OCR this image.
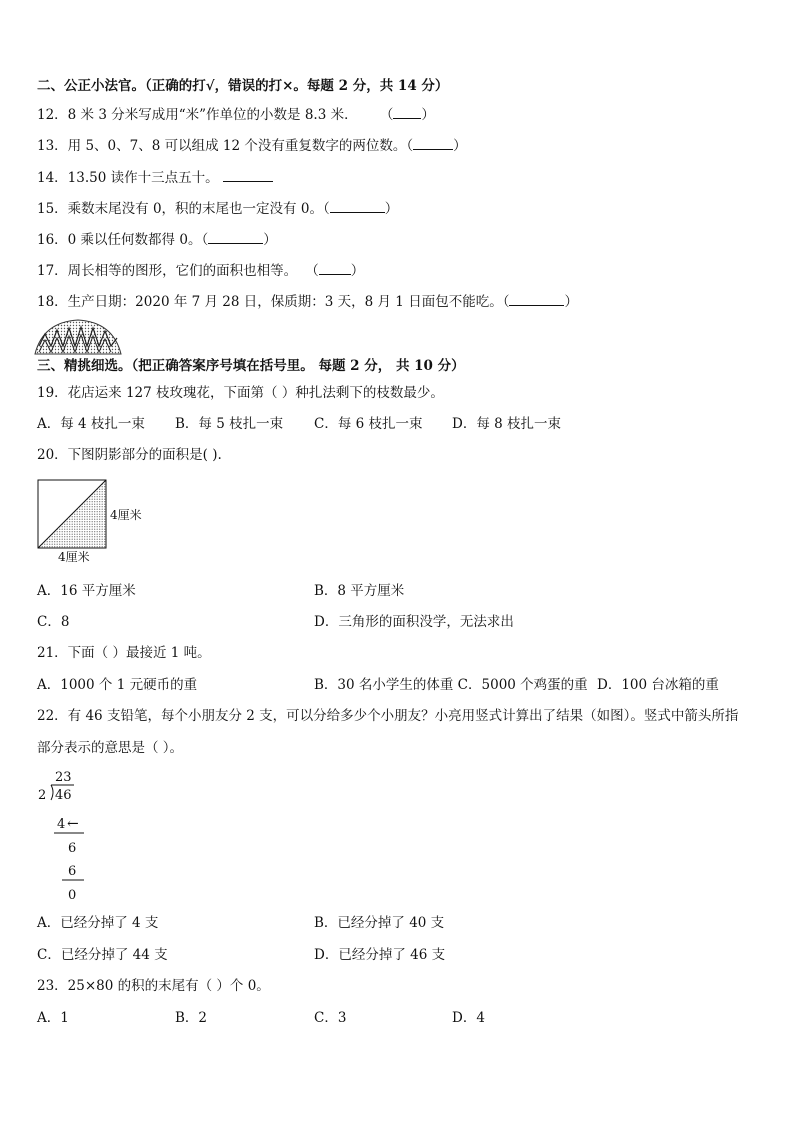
二、公正小法官。（正确的打√，错误的打×。每题 2 分，共 14 分）
12．8 米 3 分米写成用“米”作单位的小数是 8.3 米． （ ）
13．用 5、0、7、8 可以组成 12 个没有重复数字的两位数。（	）
14．13.50 读作十三点五十。
15．乘数末尾没有 0，积的末尾也一定没有 0。（	）
16．0 乘以任何数都得 0。（	）
17．周长相等的图形，它们的面积也相等。 （ ）
18．生产日期：2020 年 7 月 28 日，保质期：3 天，8 月 1 日面包不能吃。（	）
三、精挑细选。（把正确答案序号填在括号里。 每题 2 分， 共 10 分）
19．花店运来 127 枝玫瑰花，下面第（ ）种扎法剩下的枝数最少。
A．每 4 枝扎一束 B．每 5 枝扎一束 C．每 6 枝扎一束 D．每 8 枝扎一束
20．下图阴影部分的面积是( ).
4厘米
4厘米
A．16 平方厘米	B．8 平方厘米
C．8	D．三角形的面积没学，无法求出
21．下面（ ）最接近 1 吨。
A．1000 个 1 元硬币的重	B．30 名小学生的体重 C．5000 个鸡蛋的重 D．100 台冰箱的重
22．有 46 支铅笔，每个小朋友分 2 支，可以分给多少个小朋友？小亮用竖式计算出了结果（如图）。竖式中箭头所指
部分表示的意思是（ ）。
23
2 46
4 ←
6
6
0
A．已经分掉了 4 支	B．已经分掉了 40 支
C．已经分掉了 44 支	D．已经分掉了 46 支
23．25×80 的积的末尾有（ ）个 0。
A．1	B．2	C．3	D．4
